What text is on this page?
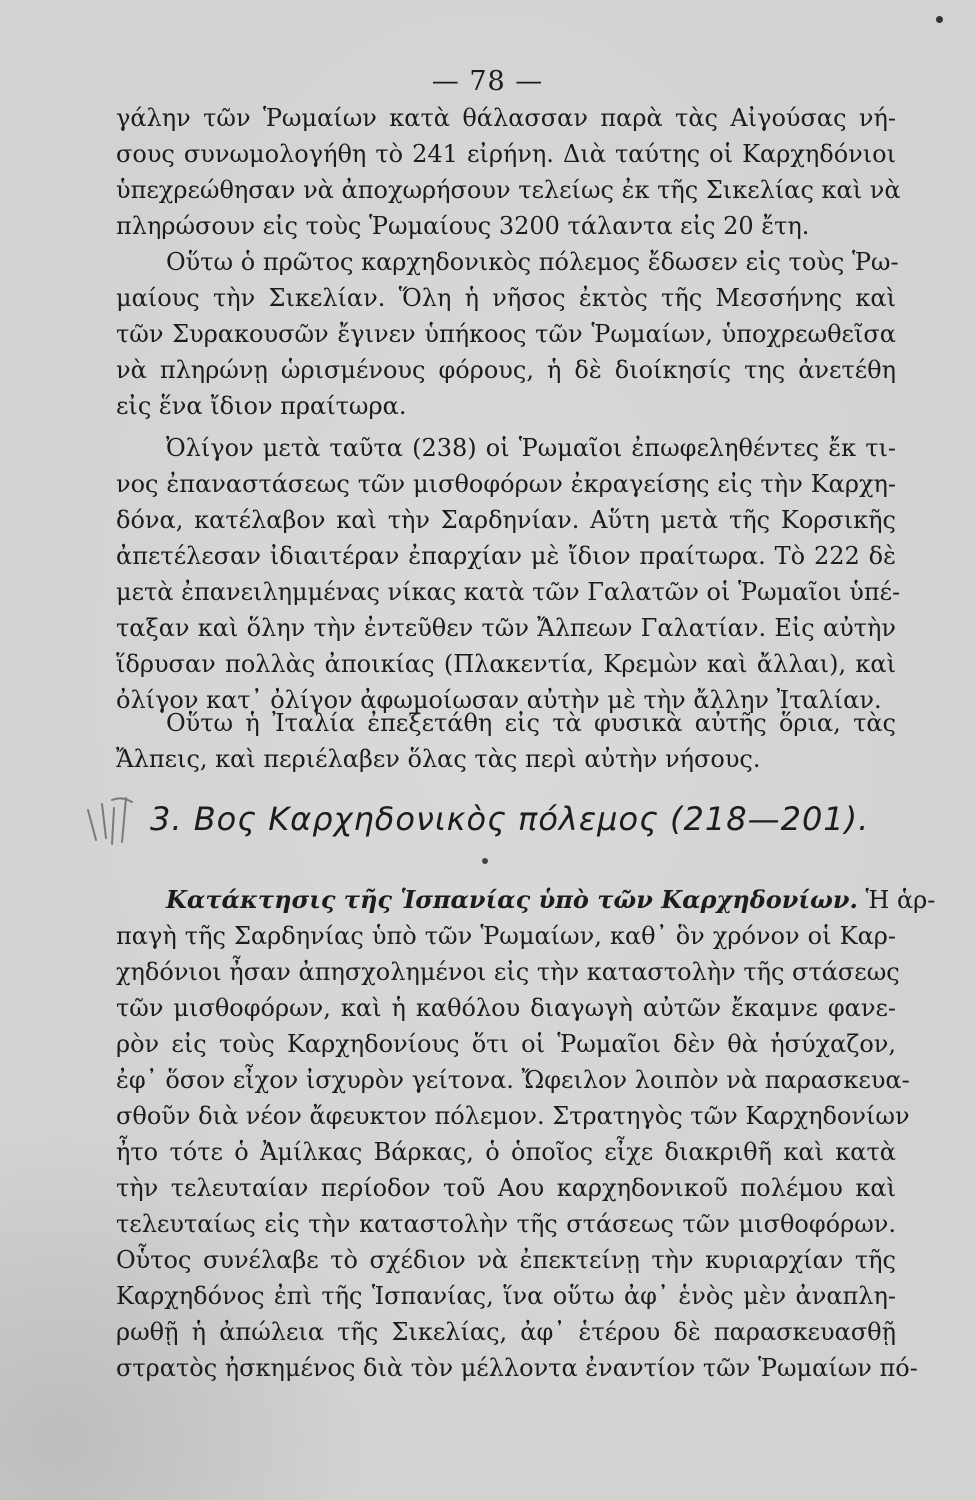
— 78 —
γάλην τῶν Ῥωμαίων κατὰ θάλασσαν παρὰ τὰς Αἰγούσας νή-
σους συνωμολογήθη τὸ 241 εἰρήνη. Διὰ ταύτης οἱ Καρχηδόνιοι
ὑπεχρεώθησαν νὰ ἀποχωρήσουν τελείως ἐκ τῆς Σικελίας καὶ νὰ
πληρώσουν εἰς τοὺς Ῥωμαίους 3200 τάλαντα εἰς 20 ἔτη.
Οὕτω ὁ πρῶτος καρχηδονικὸς πόλεμος ἔδωσεν εἰς τοὺς Ῥω-
μαίους τὴν Σικελίαν. Ὅλη ἡ νῆσος ἐκτὸς τῆς Μεσσήνης καὶ
τῶν Συρακουσῶν ἔγινεν ὑπήκοος τῶν Ῥωμαίων, ὑποχρεωθεῖσα
νὰ πληρώνῃ ὡρισμένους φόρους, ἡ δὲ διοίκησίς της ἀνετέθη
εἰς ἕνα ἴδιον πραίτωρα.
Ὀλίγον μετὰ ταῦτα (238) οἱ Ῥωμαῖοι ἐπωφεληθέντες ἔκ τι-
νος ἐπαναστάσεως τῶν μισθοφόρων ἐκραγείσης εἰς τὴν Καρχη-
δόνα, κατέλαβον καὶ τὴν Σαρδηνίαν. Αὕτη μετὰ τῆς Κορσικῆς
ἀπετέλεσαν ἰδιαιτέραν ἐπαρχίαν μὲ ἴδιον πραίτωρα. Τὸ 222 δὲ
μετὰ ἐπανειλημμένας νίκας κατὰ τῶν Γαλατῶν οἱ Ῥωμαῖοι ὑπέ-
ταξαν καὶ ὅλην τὴν ἐντεῦθεν τῶν Ἄλπεων Γαλατίαν. Εἰς αὐτὴν
ἵδρυσαν πολλὰς ἀποικίας (Πλακεντία, Κρεμὼν καὶ ἄλλαι), καὶ
ὀλίγον κατ᾽ ὀλίγον ἀφωμοίωσαν αὐτὴν μὲ τὴν ἄλλην Ἰταλίαν.
Οὕτω ἡ Ἰταλία ἐπεξετάθη εἰς τὰ φυσικὰ αὐτῆς ὅρια, τὰς
Ἄλπεις, καὶ περιέλαβεν ὅλας τὰς περὶ αὐτὴν νήσους.
3. Βος Καρχηδονικὸς πόλεμος (218—201).
Κατάκτησις τῆς Ἱσπανίας ὑπὸ τῶν Καρχηδονίων. Ἡ ἁρ-
παγὴ τῆς Σαρδηνίας ὑπὸ τῶν Ῥωμαίων, καθ᾽ ὃν χρόνον οἱ Καρ-
χηδόνιοι ἦσαν ἀπησχολημένοι εἰς τὴν καταστολὴν τῆς στάσεως
τῶν μισθοφόρων, καὶ ἡ καθόλου διαγωγὴ αὐτῶν ἔκαμνε φανε-
ρὸν εἰς τοὺς Καρχηδονίους ὅτι οἱ Ῥωμαῖοι δὲν θὰ ἡσύχαζον,
ἐφ᾽ ὅσον εἶχον ἰσχυρὸν γείτονα. Ὤφειλον λοιπὸν νὰ παρασκευα-
σθοῦν διὰ νέον ἄφευκτον πόλεμον. Στρατηγὸς τῶν Καρχηδονίων
ἦτο τότε ὁ Ἀμίλκας Βάρκας, ὁ ὁποῖος εἶχε διακριθῆ καὶ κατὰ
τὴν τελευταίαν περίοδον τοῦ Αου καρχηδονικοῦ πολέμου καὶ
τελευταίως εἰς τὴν καταστολὴν τῆς στάσεως τῶν μισθοφόρων.
Οὗτος συνέλαβε τὸ σχέδιον νὰ ἐπεκτείνῃ τὴν κυριαρχίαν τῆς
Καρχηδόνος ἐπὶ τῆς Ἱσπανίας, ἵνα οὕτω ἀφ᾽ ἑνὸς μὲν ἀναπλη-
ρωθῇ ἡ ἀπώλεια τῆς Σικελίας, ἀφ᾽ ἑτέρου δὲ παρασκευασθῇ
στρατὸς ἠσκημένος διὰ τὸν μέλλοντα ἐναντίον τῶν Ῥωμαίων πό-
